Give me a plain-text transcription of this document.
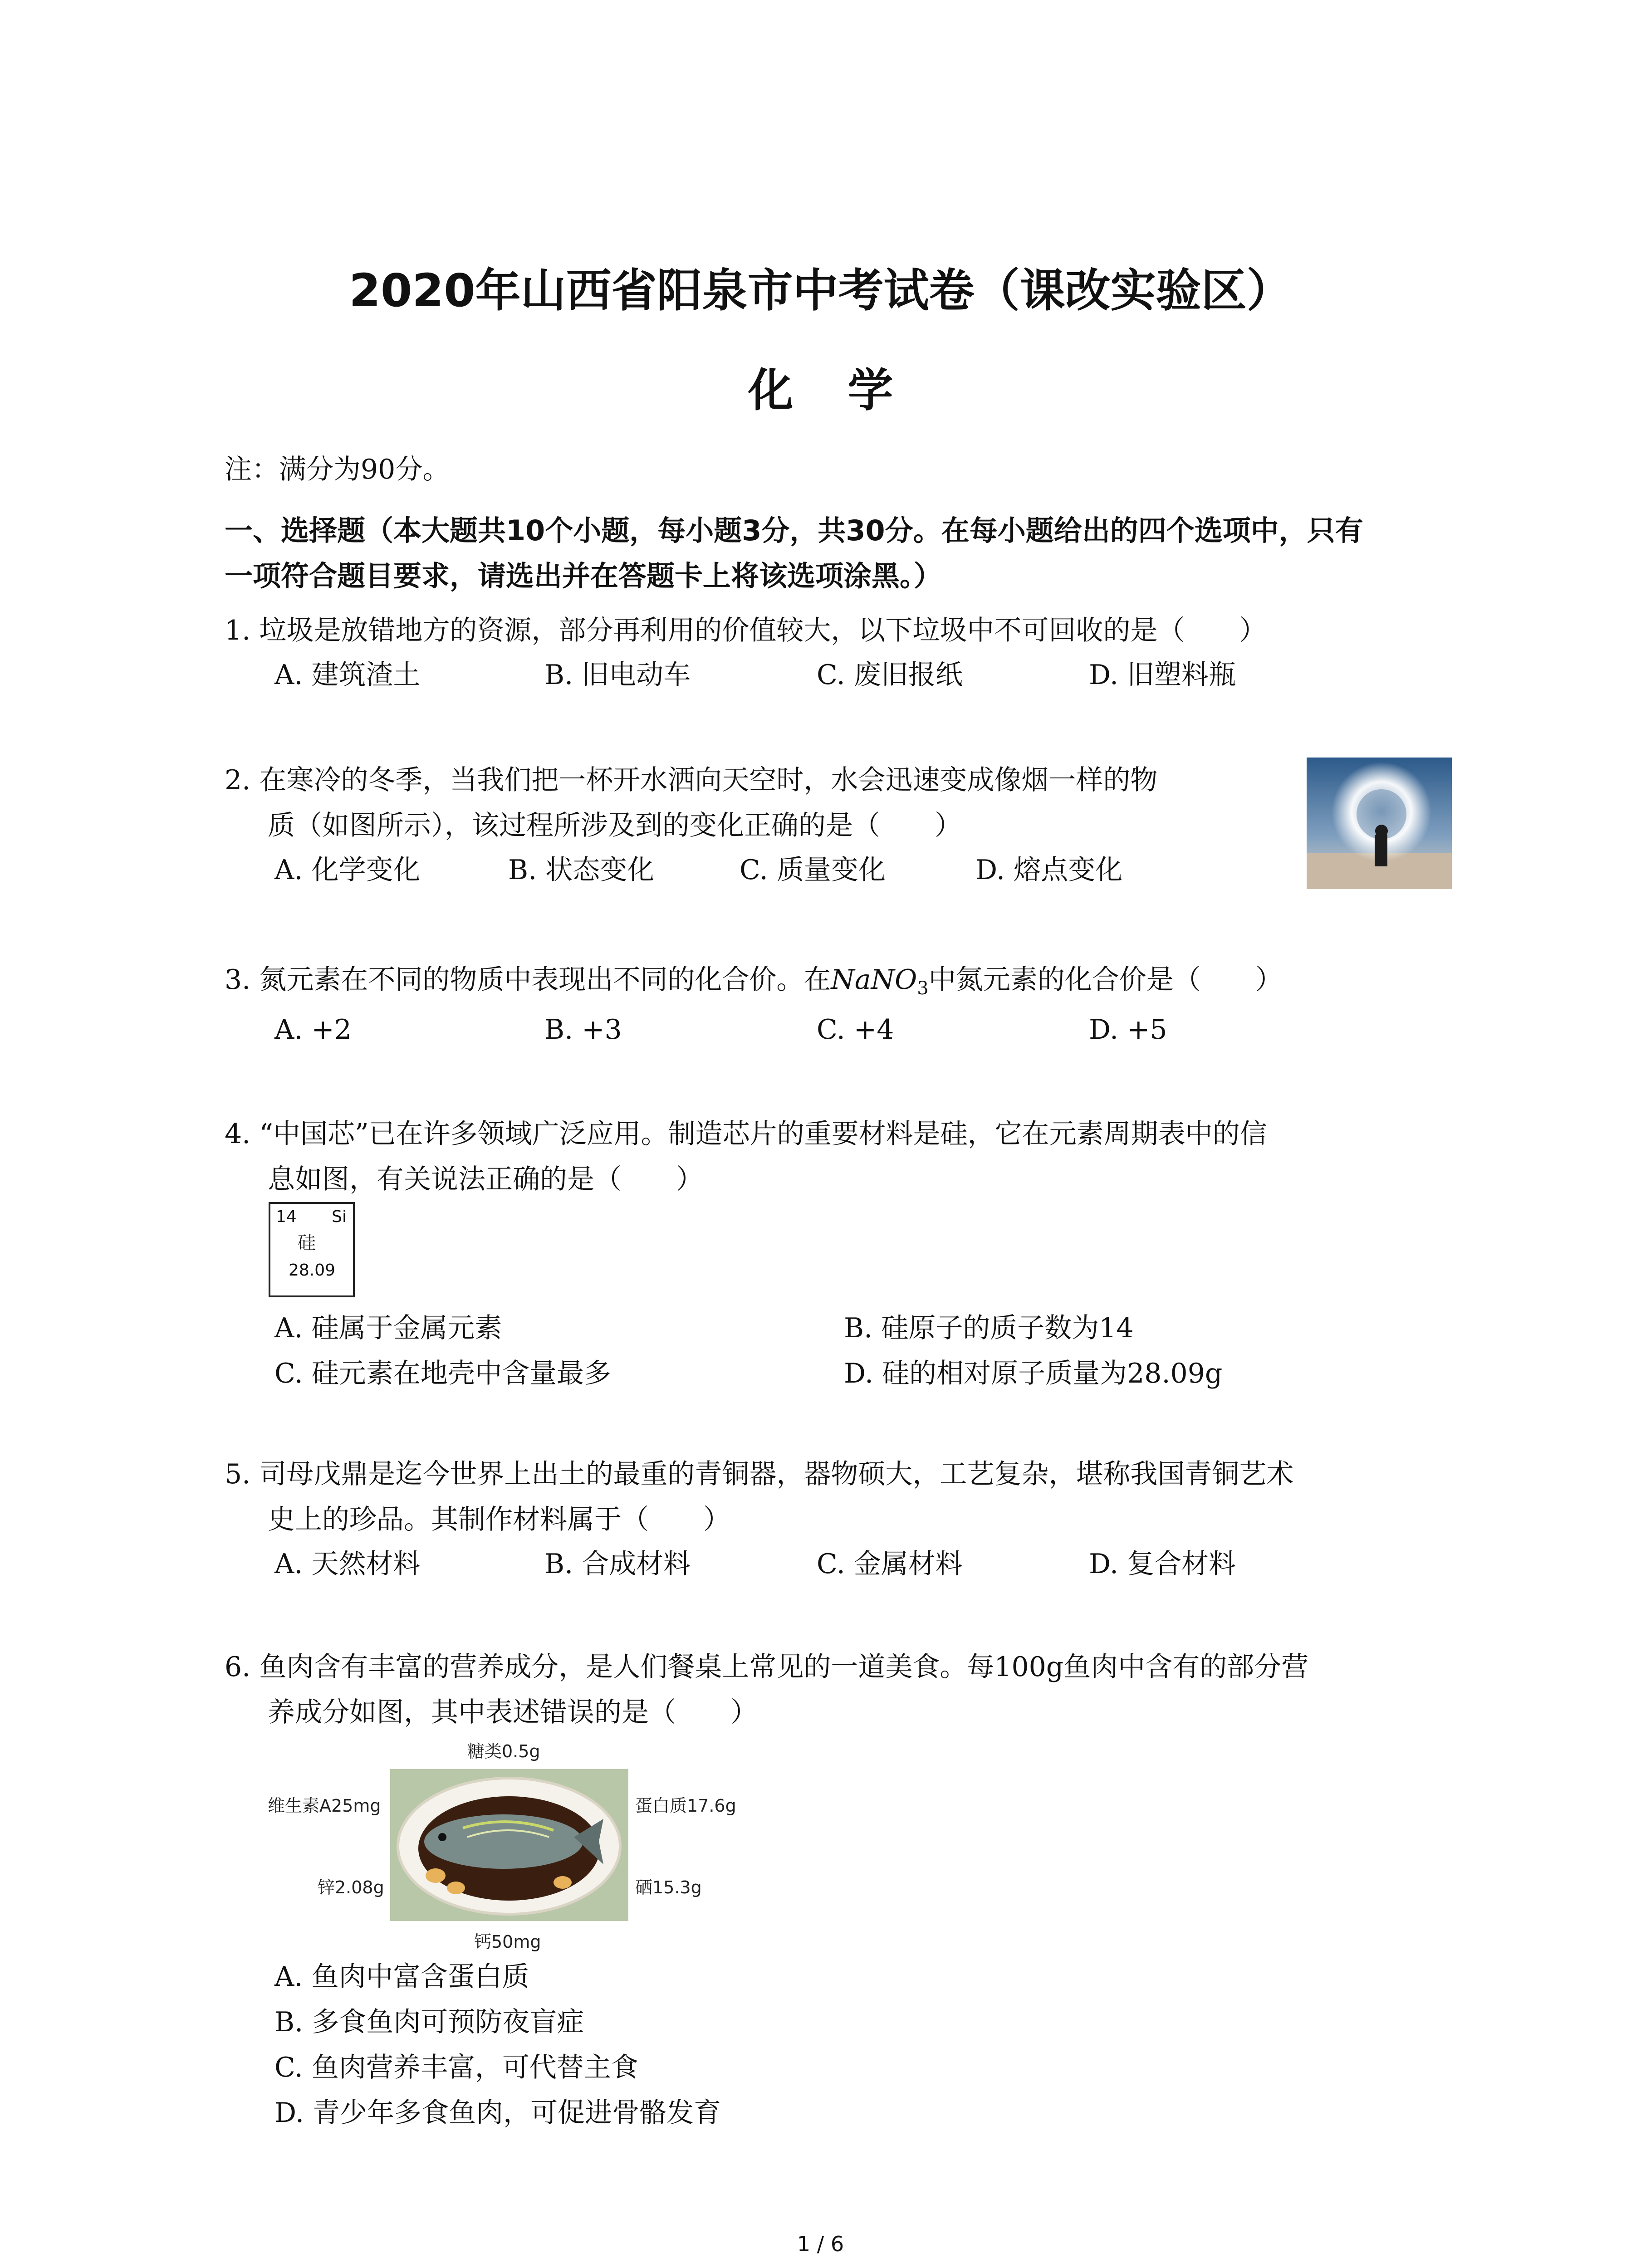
2020年山西省阳泉市中考试卷（课改实验区）
化学
注：满分为90分。
一、选择题（本大题共10个小题，每小题3分，共30分。在每小题给出的四个选项中，只有
一项符合题目要求，请选出并在答题卡上将该选项涂黑。）
1. 垃圾是放错地方的资源，部分再利用的价值较大，以下垃圾中不可回收的是（　　）
A. 建筑渣土	B. 旧电动车	C. 废旧报纸	D. 旧塑料瓶
2. 在寒冷的冬季，当我们把一杯开水洒向天空时，水会迅速变成像烟一样的物
质（如图所示），该过程所涉及到的变化正确的是（　　）
A. 化学变化	B. 状态变化	C. 质量变化	D. 熔点变化
3. 氮元素在不同的物质中表现出不同的化合价。在NaNO$_3$中氮元素的化合价是（　　）
A. +2	B. +3	C. +4	D. +5
4. “中国芯”已在许多领域广泛应用。制造芯片的重要材料是硅，它在元素周期表中的信
息如图，有关说法正确的是（　　）
14 Si
硅
28.09
A. 硅属于金属元素	B. 硅原子的质子数为14
C. 硅元素在地壳中含量最多	D. 硅的相对原子质量为28.09g
5. 司母戊鼎是迄今世界上出土的最重的青铜器，器物硕大，工艺复杂，堪称我国青铜艺术
史上的珍品。其制作材料属于（　　）
A. 天然材料	B. 合成材料	C. 金属材料	D. 复合材料
6. 鱼肉含有丰富的营养成分，是人们餐桌上常见的一道美食。每100g鱼肉中含有的部分营
养成分如图，其中表述错误的是（　　）
糖类0.5g
维生素A25mg	蛋白质17.6g
锌2.08g	硒15.3g
钙50mg
A. 鱼肉中富含蛋白质
B. 多食鱼肉可预防夜盲症
C. 鱼肉营养丰富，可代替主食
D. 青少年多食鱼肉，可促进骨骼发育
1 / 6
